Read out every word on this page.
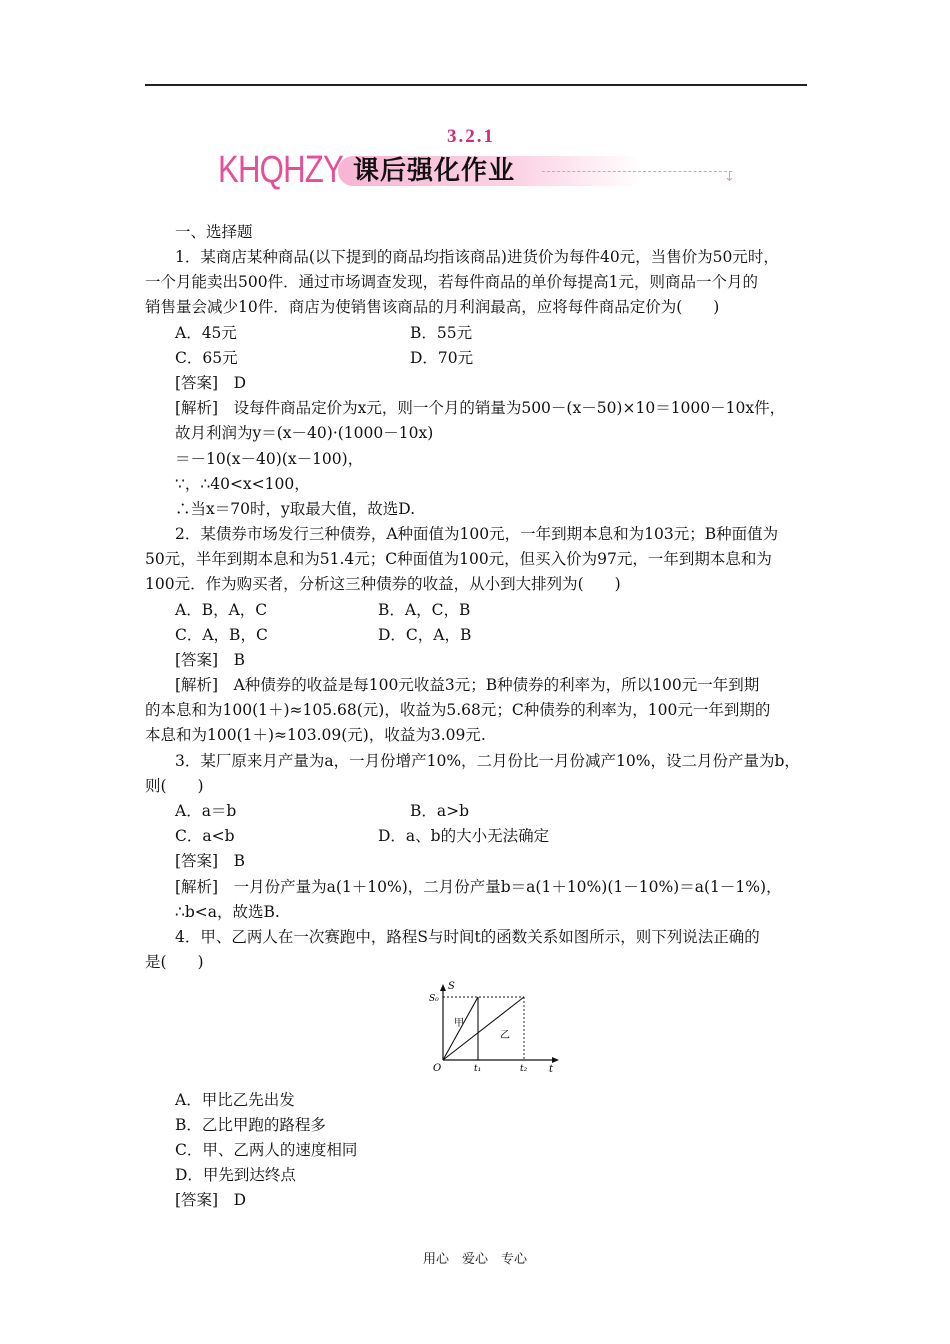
3.2.1
↓
KHQHZY 课后强化作业
一、选择题
1．某商店某种商品(以下提到的商品均指该商品)进货价为每件40元，当售价为50元时，
一个月能卖出500件．通过市场调查发现，若每件商品的单价每提高1元，则商品一个月的
销售量会减少10件．商店为使销售该商品的月利润最高，应将每件商品定价为(　　)
A．45元	B．55元
C．65元	D．70元
[答案]　D
[解析]　设每件商品定价为x元，则一个月的销量为500－(x－50)×10＝1000－10x件，
故月利润为y＝(x－40)·(1000－10x)
＝－10(x－40)(x－100)，
∵，∴40<x<100，
∴当x＝70时，y取最大值，故选D.
2．某债券市场发行三种债券，A种面值为100元，一年到期本息和为103元；B种面值为
50元，半年到期本息和为51.4元；C种面值为100元，但买入价为97元，一年到期本息和为
100元．作为购买者，分析这三种债券的收益，从小到大排列为(　　)
A．B，A，C	B．A，C，B
C．A，B，C	D．C，A，B
[答案]　B
[解析]　A种债券的收益是每100元收益3元；B种债券的利率为，所以100元一年到期
的本息和为100(1＋)≈105.68(元)，收益为5.68元；C种债券的利率为，100元一年到期的
本息和为100(1＋)≈103.09(元)，收益为3.09元.
3．某厂原来月产量为a，一月份增产10%，二月份比一月份减产10%，设二月份产量为b，
则(　　)
A．a＝b	B．a>b
C．a<b	D．a、b的大小无法确定
[答案]　B
[解析]　一月份产量为a(1＋10%)，二月份产量b＝a(1＋10%)(1－10%)＝a(1－1%)，
∴b<a，故选B.
4．甲、乙两人在一次赛跑中，路程S与时间t的函数关系如图所示，则下列说法正确的
是(　　)
S
S₀
甲
乙
O	t₁	t₂ t
A．甲比乙先出发
B．乙比甲跑的路程多
C．甲、乙两人的速度相同
D．甲先到达终点
[答案]　D
用心　爱心　专心
